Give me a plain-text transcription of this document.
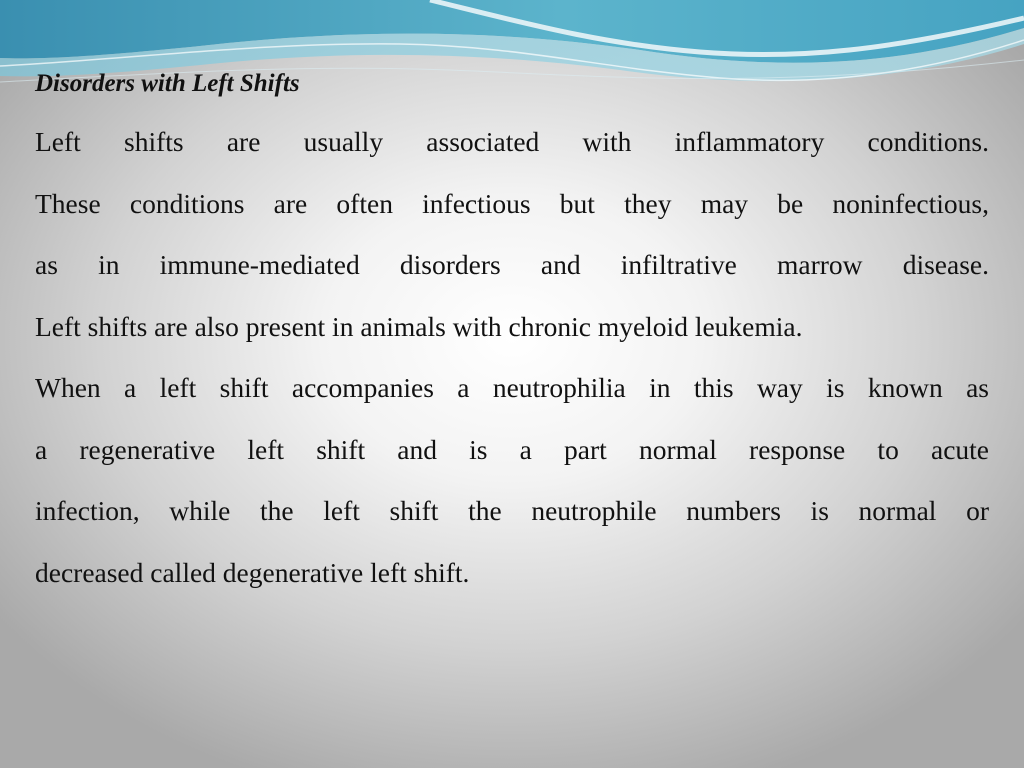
Disorders with Left Shifts
Left shifts are usually associated with inflammatory conditions.
These conditions are often infectious but they may be noninfectious,
as in immune-mediated disorders and infiltrative marrow disease.
Left shifts are also present in animals with chronic myeloid leukemia.
When a left shift accompanies a neutrophilia in this way is known as
a regenerative left shift and is a part normal response to acute
infection, while the left shift the neutrophile numbers is normal or
decreased called degenerative left shift.
